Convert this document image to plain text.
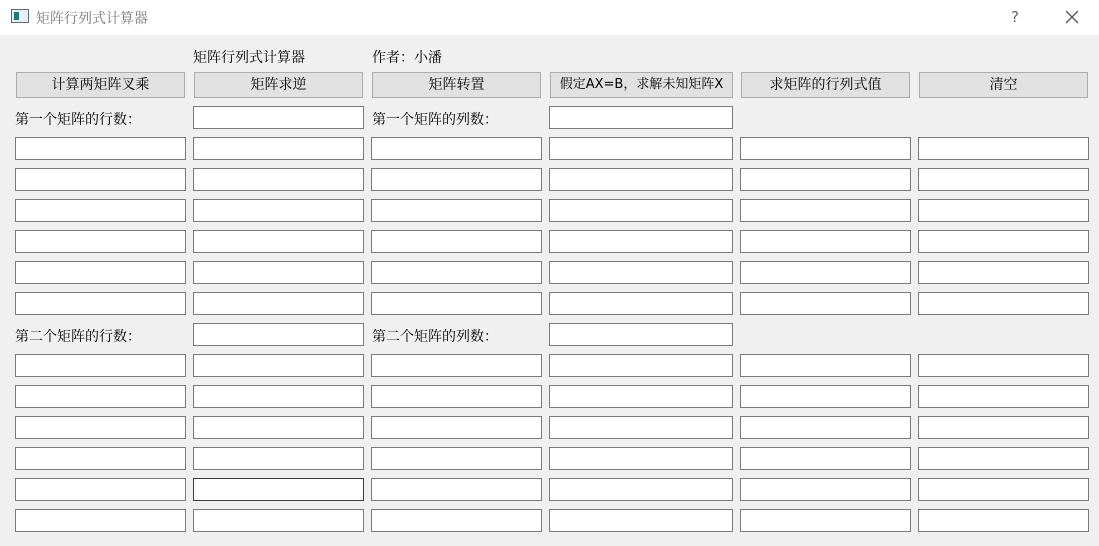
矩阵行列式计算器	?
矩阵行列式计算器	作者：小潘
计算两矩阵叉乘	矩阵求逆	矩阵转置	假定AX=B，求解未知矩阵X	求矩阵的行列式值	清空
第一个矩阵的行数：	第一个矩阵的列数：
第二个矩阵的行数：	第二个矩阵的列数：
